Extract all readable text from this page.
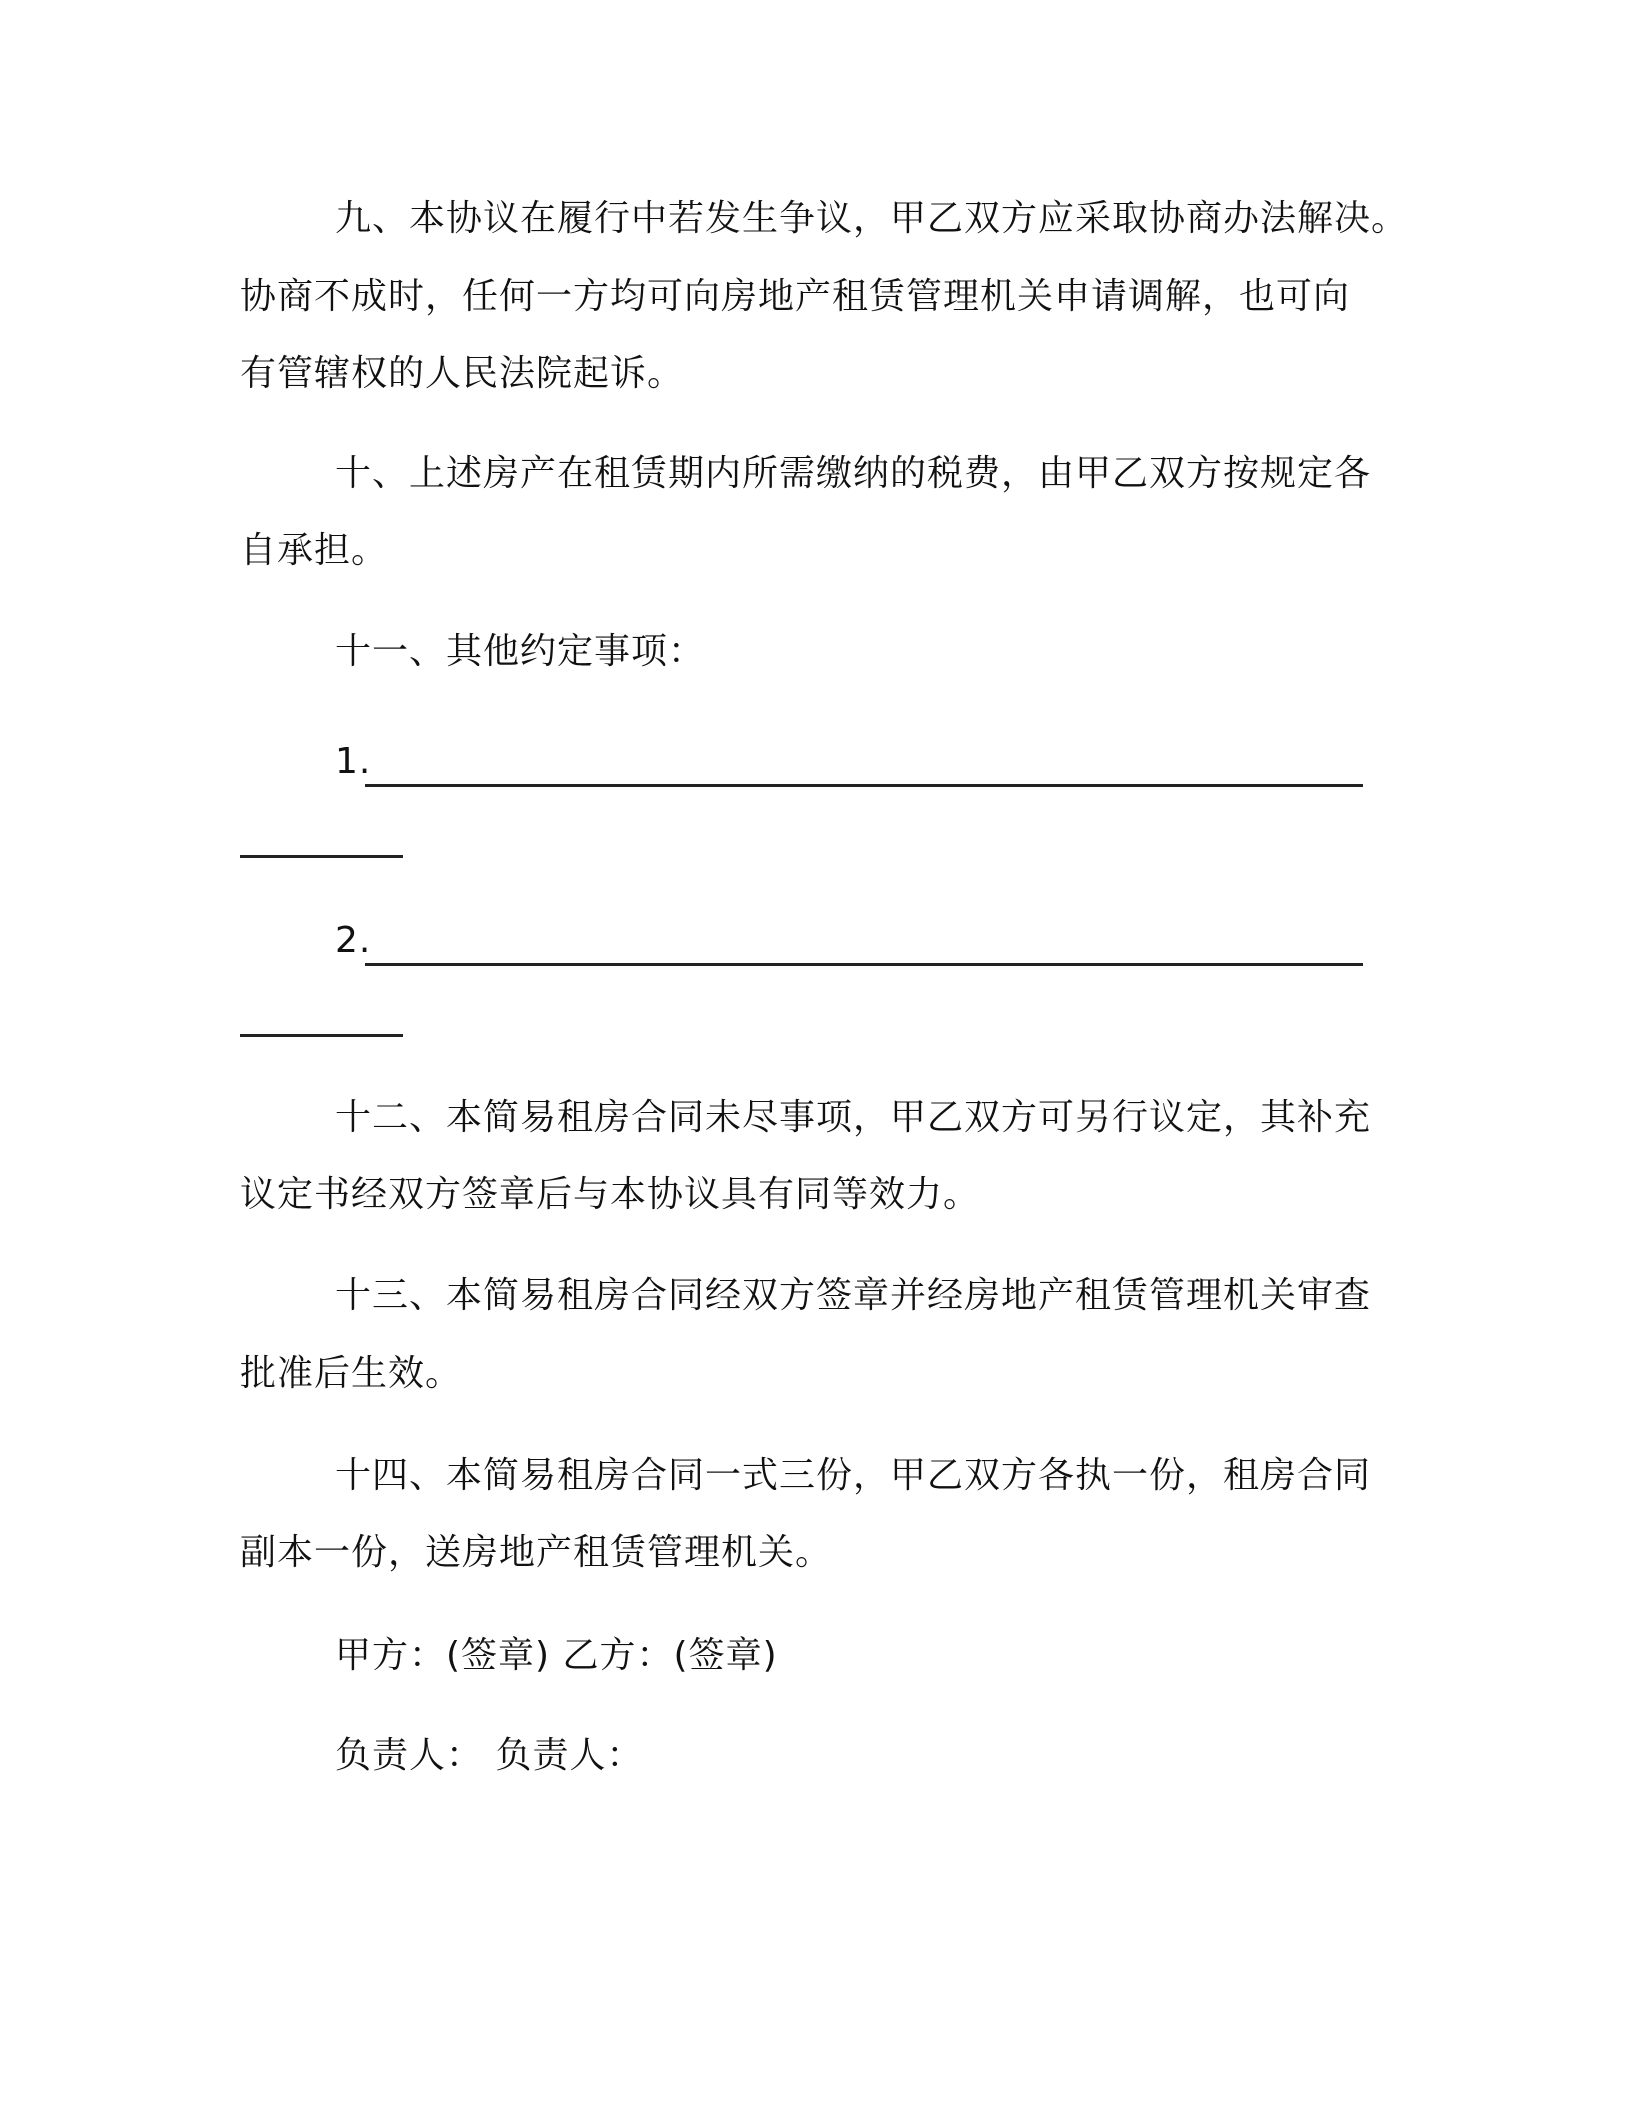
九、本协议在履行中若发生争议，甲乙双方应采取协商办法解决。
协商不成时，任何一方均可向房地产租赁管理机关申请调解，也可向
有管辖权的人民法院起诉。
十、上述房产在租赁期内所需缴纳的税费，由甲乙双方按规定各
自承担。
十一、其他约定事项：
1.
2.
十二、本简易租房合同未尽事项，甲乙双方可另行议定，其补充
议定书经双方签章后与本协议具有同等效力。
十三、本简易租房合同经双方签章并经房地产租赁管理机关审查
批准后生效。
十四、本简易租房合同一式三份，甲乙双方各执一份，租房合同
副本一份，送房地产租赁管理机关。
甲方：(签章) 乙方：(签章)
负责人： 负责人：
